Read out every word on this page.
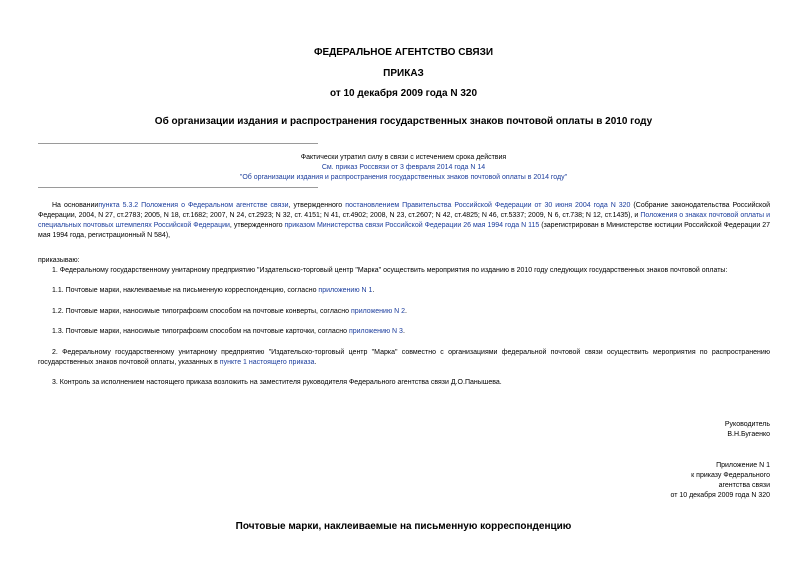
ФЕДЕРАЛЬНОЕ АГЕНТСТВО СВЯЗИ
ПРИКАЗ
от 10 декабря 2009 года N 320
Об организации издания и распространения государственных знаков почтовой оплаты в 2010 году
Фактически утратил силу в связи с истечением срока действия
См. приказ Россвязи от 3 февраля 2014 года N 14
"Об организации издания и распространения государственных знаков почтовой оплаты в 2014 году"
На основаниипункта 5.3.2 Положения о Федеральном агентстве связи, утвержденного постановлением Правительства Российской Федерации от 30 июня 2004 года N 320 (Собрание законодательства Российской Федерации, 2004, N 27, ст.2783; 2005, N 18, ст.1682; 2007, N 24, ст.2923; N 32, ст. 4151; N 41, ст.4902; 2008, N 23, ст.2607; N 42, ст.4825; N 46, ст.5337; 2009, N 6, ст.738; N 12, ст.1435), и Положения о знаках почтовой оплаты и специальных почтовых штемпелях Российской Федерации, утвержденного приказом Министерства связи Российской Федерации 26 мая 1994 года N 115 (зарегистрирован в Министерстве юстиции Российской Федерации 27 мая 1994 года, регистрационный N 584),
приказываю:
1. Федеральному государственному унитарному предприятию "Издательско-торговый центр "Марка" осуществить мероприятия по изданию в 2010 году следующих государственных знаков почтовой оплаты:
1.1. Почтовые марки, наклеиваемые на письменную корреспонденцию, согласно приложению N 1.
1.2. Почтовые марки, наносимые типографским способом на почтовые конверты, согласно приложению N 2.
1.3. Почтовые марки, наносимые типографским способом на почтовые карточки, согласно приложению N 3.
2. Федеральному государственному унитарному предприятию "Издательско-торговый центр "Марка" совместно с организациями федеральной почтовой связи осуществить мероприятия по распространению государственных знаков почтовой оплаты, указанных в пункте 1 настоящего приказа.
3. Контроль за исполнением настоящего приказа возложить на заместителя руководителя Федерального агентства связи Д.О.Панышева.
Руководитель
В.Н.Бугаенко
Приложение N 1
к приказу Федерального
агентства связи
от 10 декабря 2009 года N 320
Почтовые марки, наклеиваемые на письменную корреспонденцию
